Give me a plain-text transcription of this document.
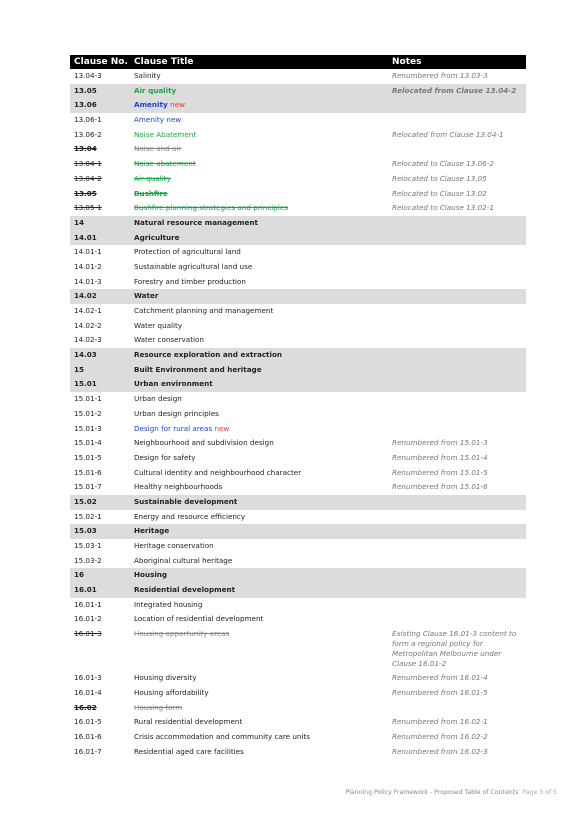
Clause No. Clause Title	Notes
13.04-3	Salinity	Renumbered from 13.03-3
13.05	Air quality	Relocated from Clause 13.04-2
13.06	Amenity new
13.06-1	Amenity new
13.06-2	Noise Abatement	Relocated from Clause 13.04-1
13.04	Noise and air
13.04-1	Noise abatement	Relocated to Clause 13.06-2
13.04-2	Air quality	Relocated to Clause 13.05
13.05	Bushfire	Relocated to Clause 13.02
13.05-1	Bushfire planning strategies and principles	Relocated to Clause 13.02-1
14	Natural resource management
14.01	Agriculture
14.01-1	Protection of agricultural land
14.01-2	Sustainable agricultural land use
14.01-3	Forestry and timber production
14.02	Water
14.02-1	Catchment planning and management
14.02-2	Water quality
14.02-3	Water conservation
14.03	Resource exploration and extraction
15	Built Environment and heritage
15.01	Urban environment
15.01-1	Urban design
15.01-2	Urban design principles
15.01-3	Design for rural areas new
15.01-4	Neighbourhood and subdivision design	Renumbered from 15.01-3
15.01-5	Design for safety	Renumbered from 15.01-4
15.01-6	Cultural identity and neighbourhood character	Renumbered from 15.01-5
15.01-7	Healthy neighbourhoods	Renumbered from 15.01-6
15.02	Sustainable development
15.02-1	Energy and resource efficiency
15.03	Heritage
15.03-1	Heritage conservation
15.03-2	Aboriginal cultural heritage
16	Housing
16.01	Residential development
16.01-1	Integrated housing
16.01-2	Location of residential development
16.01-3	Housing opportunity areas	Existing Clause 16.01-3 content to form a regional policy for Metropolitan Melbourne under Clause 16.01-2
16.01-3	Housing diversity	Renumbered from 16.01-4
16.01-4	Housing affordability	Renumbered from 16.01-5
16.02	Housing form
16.01-5	Rural residential development	Renumbered from 16.02-1
16.01-6	Crisis accommodation and community care units	Renumbered from 16.02-2
16.01-7	Residential aged care facilities	Renumbered from 16.02-3
Planning Policy Framework - Proposed Table of Contents Page 3 of 5
